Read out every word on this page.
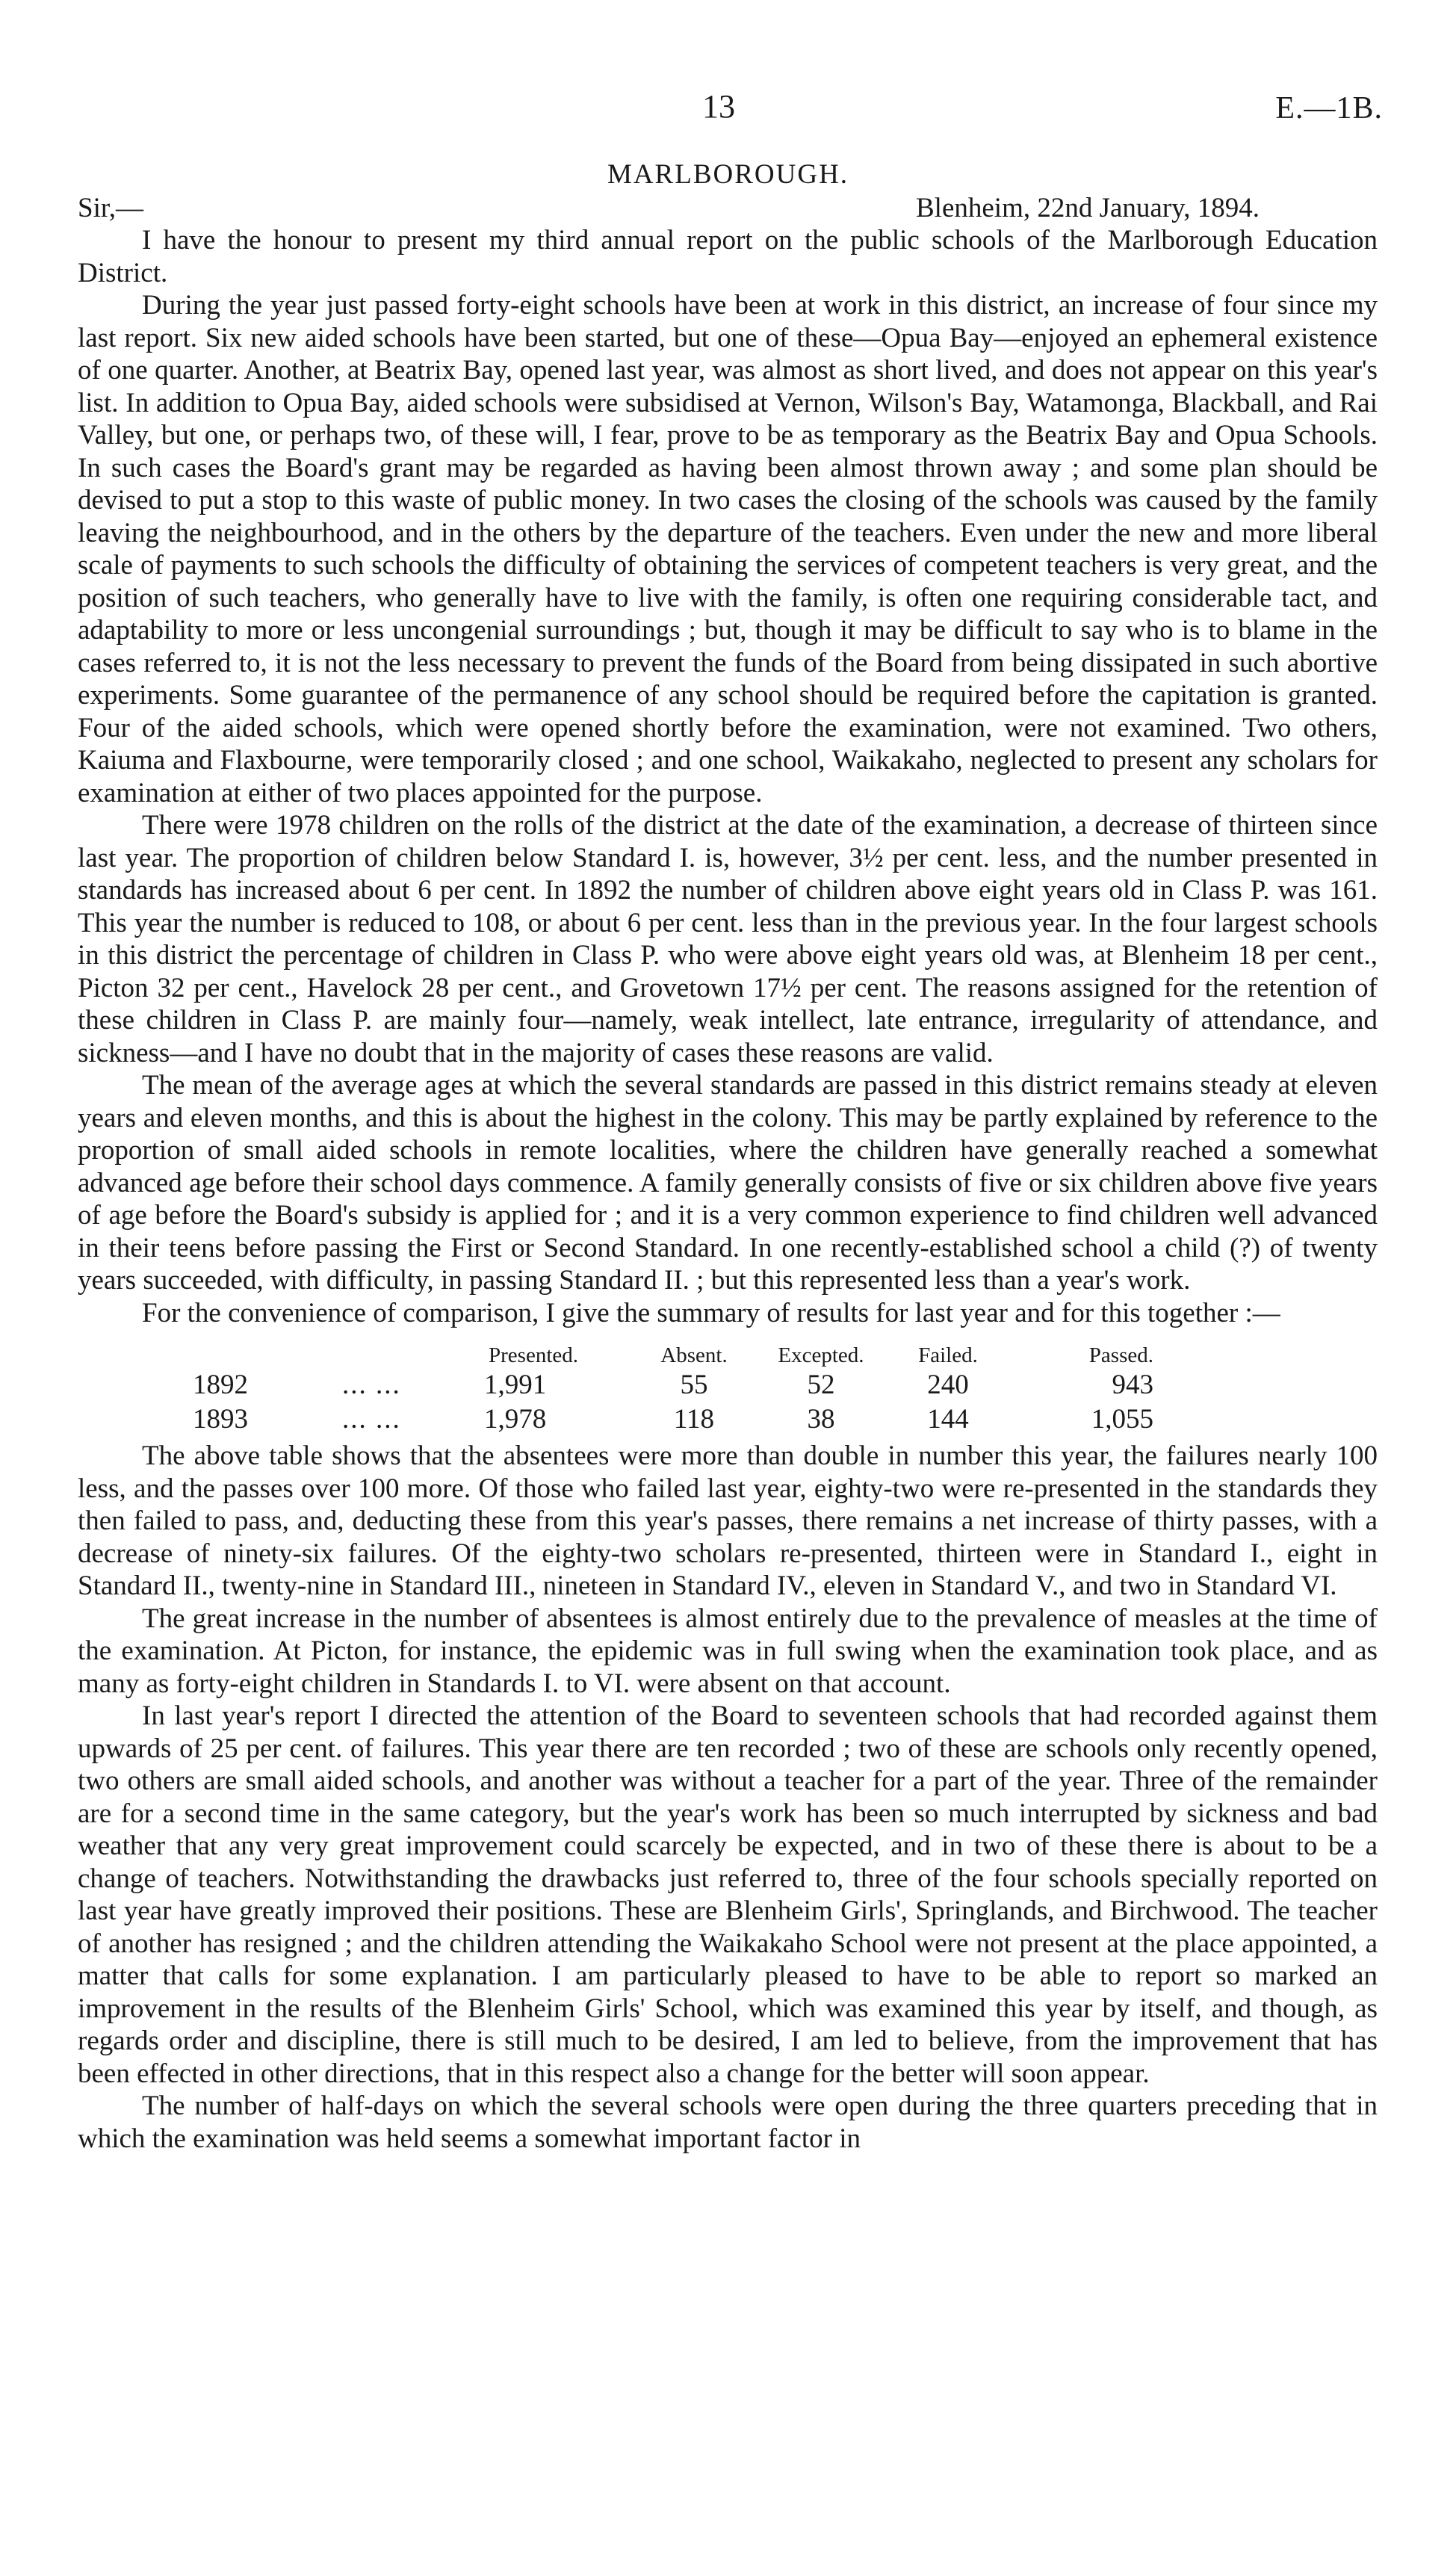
13	E.—1B.
MARLBOROUGH.
Sir,—	Blenheim, 22nd January, 1894.

I have the honour to present my third annual report on the public schools of the Marlborough Education District.

During the year just passed forty-eight schools have been at work in this district, an increase of four since my last report. Six new aided schools have been started, but one of these—Opua Bay—enjoyed an ephemeral existence of one quarter. Another, at Beatrix Bay, opened last year, was almost as short lived, and does not appear on this year's list. In addition to Opua Bay, aided schools were subsidised at Vernon, Wilson's Bay, Watamonga, Blackball, and Rai Valley, but one, or perhaps two, of these will, I fear, prove to be as temporary as the Beatrix Bay and Opua Schools. In such cases the Board's grant may be regarded as having been almost thrown away ; and some plan should be devised to put a stop to this waste of public money. In two cases the closing of the schools was caused by the family leaving the neighbourhood, and in the others by the departure of the teachers. Even under the new and more liberal scale of payments to such schools the difficulty of obtaining the services of competent teachers is very great, and the position of such teachers, who generally have to live with the family, is often one requiring considerable tact, and adaptability to more or less uncongenial surroundings ; but, though it may be difficult to say who is to blame in the cases referred to, it is not the less necessary to prevent the funds of the Board from being dissipated in such abortive experiments. Some guarantee of the permanence of any school should be required before the capitation is granted. Four of the aided schools, which were opened shortly before the examination, were not examined. Two others, Kaiuma and Flaxbourne, were temporarily closed ; and one school, Waikakaho, neglected to present any scholars for examination at either of two places appointed for the purpose.

There were 1978 children on the rolls of the district at the date of the examination, a decrease of thirteen since last year. The proportion of children below Standard I. is, however, 3½ per cent. less, and the number presented in standards has increased about 6 per cent. In 1892 the number of children above eight years old in Class P. was 161. This year the number is reduced to 108, or about 6 per cent. less than in the previous year. In the four largest schools in this district the percentage of children in Class P. who were above eight years old was, at Blenheim 18 per cent., Picton 32 per cent., Havelock 28 per cent., and Grovetown 17½ per cent. The reasons assigned for the retention of these children in Class P. are mainly four—namely, weak intellect, late entrance, irregularity of attendance, and sickness—and I have no doubt that in the majority of cases these reasons are valid.

The mean of the average ages at which the several standards are passed in this district remains steady at eleven years and eleven months, and this is about the highest in the colony. This may be partly explained by reference to the proportion of small aided schools in remote localities, where the children have generally reached a somewhat advanced age before their school days commence. A family generally consists of five or six children above five years of age before the Board's subsidy is applied for ; and it is a very common experience to find children well advanced in their teens before passing the First or Second Standard. In one recently-established school a child (?) of twenty years succeeded, with difficulty, in passing Standard II. ; but this represented less than a year's work.

For the convenience of comparison, I give the summary of results for last year and for this together :—

		Presented.	Absent.	Excepted.	Failed.	Passed.
1892	... ...	1,991	55	52	240	943
1893	... ...	1,978	118	38	144	1,055

The above table shows that the absentees were more than double in number this year, the failures nearly 100 less, and the passes over 100 more. Of those who failed last year, eighty-two were re-presented in the standards they then failed to pass, and, deducting these from this year's passes, there remains a net increase of thirty passes, with a decrease of ninety-six failures. Of the eighty-two scholars re-presented, thirteen were in Standard I., eight in Standard II., twenty-nine in Standard III., nineteen in Standard IV., eleven in Standard V., and two in Standard VI.

The great increase in the number of absentees is almost entirely due to the prevalence of measles at the time of the examination. At Picton, for instance, the epidemic was in full swing when the examination took place, and as many as forty-eight children in Standards I. to VI. were absent on that account.

In last year's report I directed the attention of the Board to seventeen schools that had recorded against them upwards of 25 per cent. of failures. This year there are ten recorded ; two of these are schools only recently opened, two others are small aided schools, and another was without a teacher for a part of the year. Three of the remainder are for a second time in the same category, but the year's work has been so much interrupted by sickness and bad weather that any very great improvement could scarcely be expected, and in two of these there is about to be a change of teachers. Notwithstanding the drawbacks just referred to, three of the four schools specially reported on last year have greatly improved their positions. These are Blenheim Girls', Springlands, and Birchwood. The teacher of another has resigned ; and the children attending the Waikakaho School were not present at the place appointed, a matter that calls for some explanation. I am particularly pleased to have to be able to report so marked an improvement in the results of the Blenheim Girls' School, which was examined this year by itself, and though, as regards order and discipline, there is still much to be desired, I am led to believe, from the improvement that has been effected in other directions, that in this respect also a change for the better will soon appear.

The number of half-days on which the several schools were open during the three quarters preceding that in which the examination was held seems a somewhat important factor in
